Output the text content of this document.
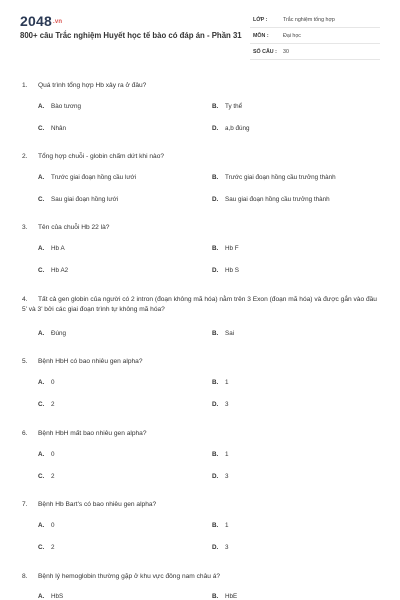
2048.vn
800+ câu Trắc nghiệm Huyết học tế bào có đáp án - Phần 31
LỚP :	Trắc nghiệm tổng hợp
MÔN :	Đại học
SỐ CÂU : 30
1. Quá trình tổng hợp Hb xảy ra ở đâu?
A. Bào tương	B. Ty thể
C. Nhân	D. a,b đúng
2. Tổng hợp chuỗi - globin chấm dứt khi nào?
A. Trước giai đoạn hồng cầu lưới	B. Trước giai đoạn hồng cầu trưởng thành
C. Sau giai đoạn hồng lưới	D. Sau giai đoạn hồng cầu trưởng thành
3. Tên của chuỗi Hb 22 là?
A. Hb A	B. Hb F
C. Hb A2	D. Hb S
4. Tất cả gen globin của người có 2 intron (đoạn không mã hóa) nằm trên 3 Exon (đoạn mã hóa) và được gắn vào đầu 5' và 3' bởi các giai đoạn trình tự không mã hóa?
A. Đúng	B. Sai
5. Bệnh HbH có bao nhiêu gen alpha?
A. 0	B. 1
C. 2	D. 3
6. Bệnh HbH mất bao nhiêu gen alpha?
A. 0	B. 1
C. 2	D. 3
7. Bệnh Hb Bart's có bao nhiêu gen alpha?
A. 0	B. 1
C. 2	D. 3
8. Bệnh lý hemoglobin thường gặp ở khu vực đông nam châu á?
A. HbS	B. HbE
